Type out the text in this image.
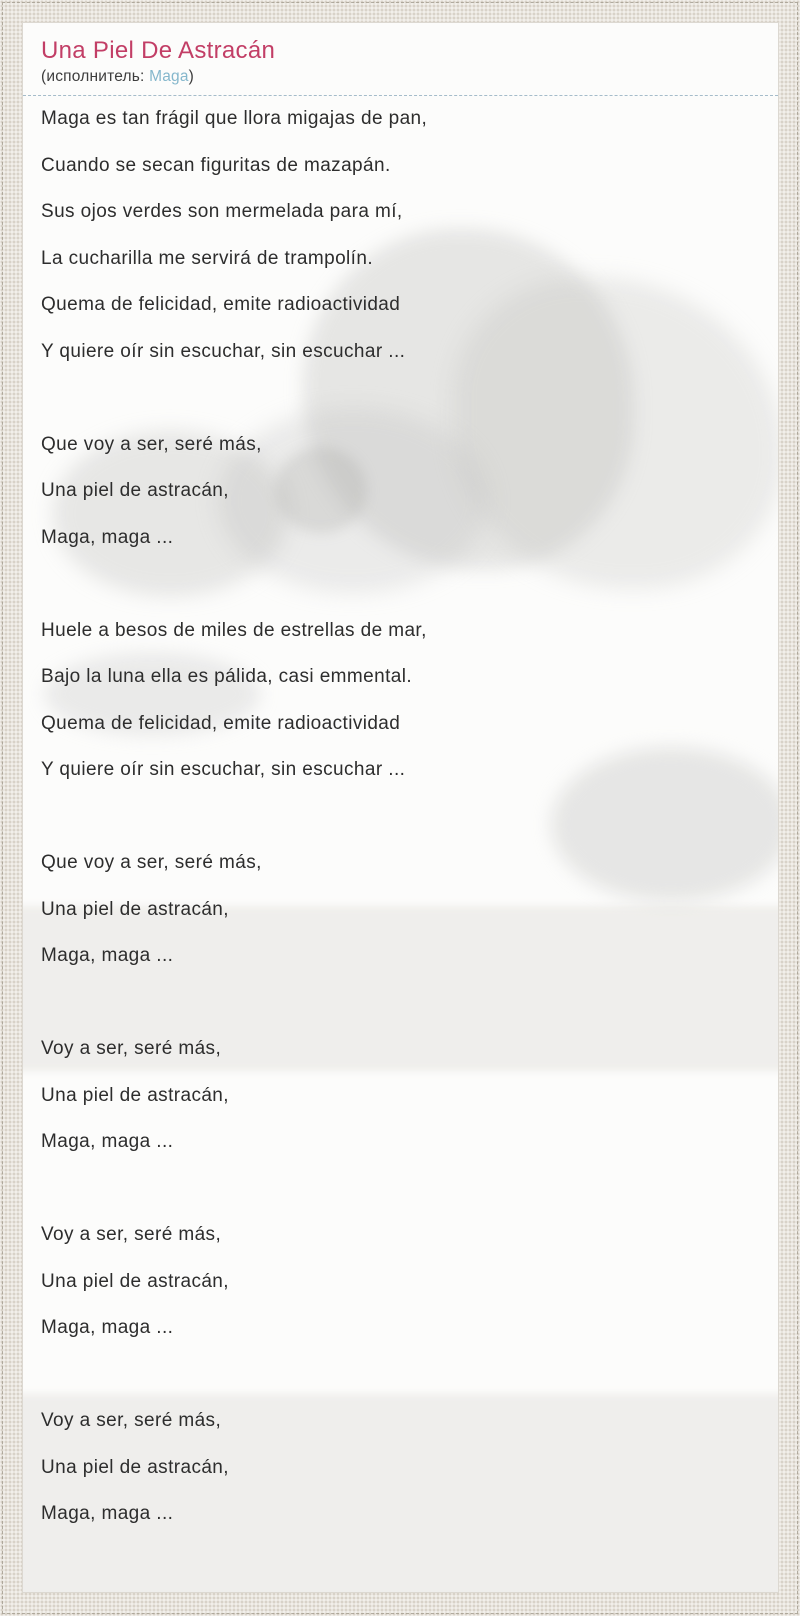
Una Piel De Astracán
(исполнитель: Maga)
Maga es tan frágil que llora migajas de pan,
Cuando se secan figuritas de mazapán.
Sus ojos verdes son mermelada para mí,
La cucharilla me servirá de trampolín.
Quema de felicidad, emite radioactividad
Y quiere oír sin escuchar, sin escuchar ...
Que voy a ser, seré más,
Una piel de astracán,
Maga, maga ...
Huele a besos de miles de estrellas de mar,
Bajo la luna ella es pálida, casi emmental.
Quema de felicidad, emite radioactividad
Y quiere oír sin escuchar, sin escuchar ...
Que voy a ser, seré más,
Una piel de astracán,
Maga, maga ...
Voy a ser, seré más,
Una piel de astracán,
Maga, maga ...
Voy a ser, seré más,
Una piel de astracán,
Maga, maga ...
Voy a ser, seré más,
Una piel de astracán,
Maga, maga ...
